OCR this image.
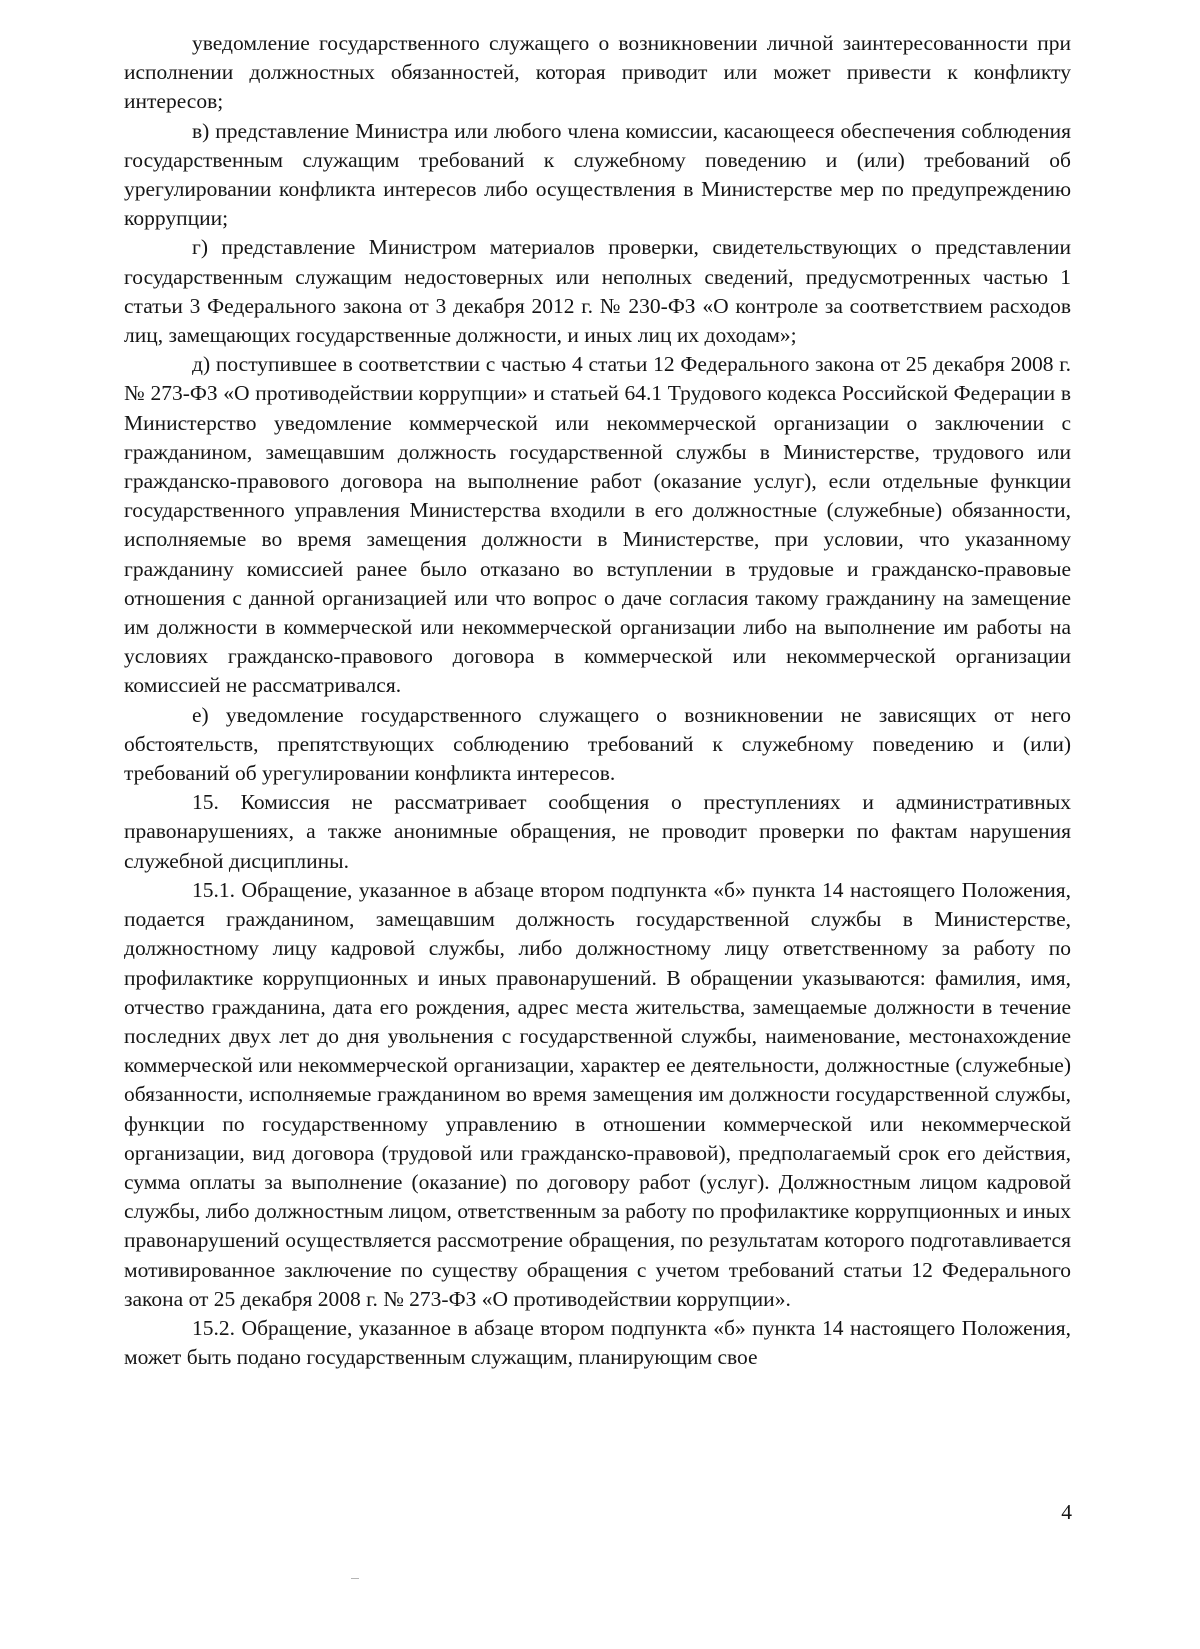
уведомление государственного служащего о возникновении личной заинтересованности при исполнении должностных обязанностей, которая приводит или может привести к конфликту интересов;

в) представление Министра или любого члена комиссии, касающееся обеспечения соблюдения государственным служащим требований к служебному поведению и (или) требований об урегулировании конфликта интересов либо осуществления в Министерстве мер по предупреждению коррупции;

г) представление Министром материалов проверки, свидетельствующих о представлении государственным служащим недостоверных или неполных сведений, предусмотренных частью 1 статьи 3 Федерального закона от 3 декабря 2012 г. № 230-ФЗ «О контроле за соответствием расходов лиц, замещающих государственные должности, и иных лиц их доходам»;

д) поступившее в соответствии с частью 4 статьи 12 Федерального закона от 25 декабря 2008 г. № 273-ФЗ «О противодействии коррупции» и статьей 64.1 Трудового кодекса Российской Федерации в Министерство уведомление коммерческой или некоммерческой организации о заключении с гражданином, замещавшим должность государственной службы в Министерстве, трудового или гражданско-правового договора на выполнение работ (оказание услуг), если отдельные функции государственного управления Министерства входили в его должностные (служебные) обязанности, исполняемые во время замещения должности в Министерстве, при условии, что указанному гражданину комиссией ранее было отказано во вступлении в трудовые и гражданско-правовые отношения с данной организацией или что вопрос о даче согласия такому гражданину на замещение им должности в коммерческой или некоммерческой организации либо на выполнение им работы на условиях гражданско-правового договора в коммерческой или некоммерческой организации комиссией не рассматривался.

е) уведомление государственного служащего о возникновении не зависящих от него обстоятельств, препятствующих соблюдению требований к служебному поведению и (или) требований об урегулировании конфликта интересов.

15. Комиссия не рассматривает сообщения о преступлениях и административных правонарушениях, а также анонимные обращения, не проводит проверки по фактам нарушения служебной дисциплины.

15.1. Обращение, указанное в абзаце втором подпункта «б» пункта 14 настоящего Положения, подается гражданином, замещавшим должность государственной службы в Министерстве, должностному лицу кадровой службы, либо должностному лицу ответственному за работу по профилактике коррупционных и иных правонарушений. В обращении указываются: фамилия, имя, отчество гражданина, дата его рождения, адрес места жительства, замещаемые должности в течение последних двух лет до дня увольнения с государственной службы, наименование, местонахождение коммерческой или некоммерческой организации, характер ее деятельности, должностные (служебные) обязанности, исполняемые гражданином во время замещения им должности государственной службы, функции по государственному управлению в отношении коммерческой или некоммерческой организации, вид договора (трудовой или гражданско-правовой), предполагаемый срок его действия, сумма оплаты за выполнение (оказание) по договору работ (услуг). Должностным лицом кадровой службы, либо должностным лицом, ответственным за работу по профилактике коррупционных и иных правонарушений осуществляется рассмотрение обращения, по результатам которого подготавливается мотивированное заключение по существу обращения с учетом требований статьи 12 Федерального закона от 25 декабря 2008 г. № 273-ФЗ «О противодействии коррупции».

15.2. Обращение, указанное в абзаце втором подпункта «б» пункта 14 настоящего Положения, может быть подано государственным служащим, планирующим свое

4
